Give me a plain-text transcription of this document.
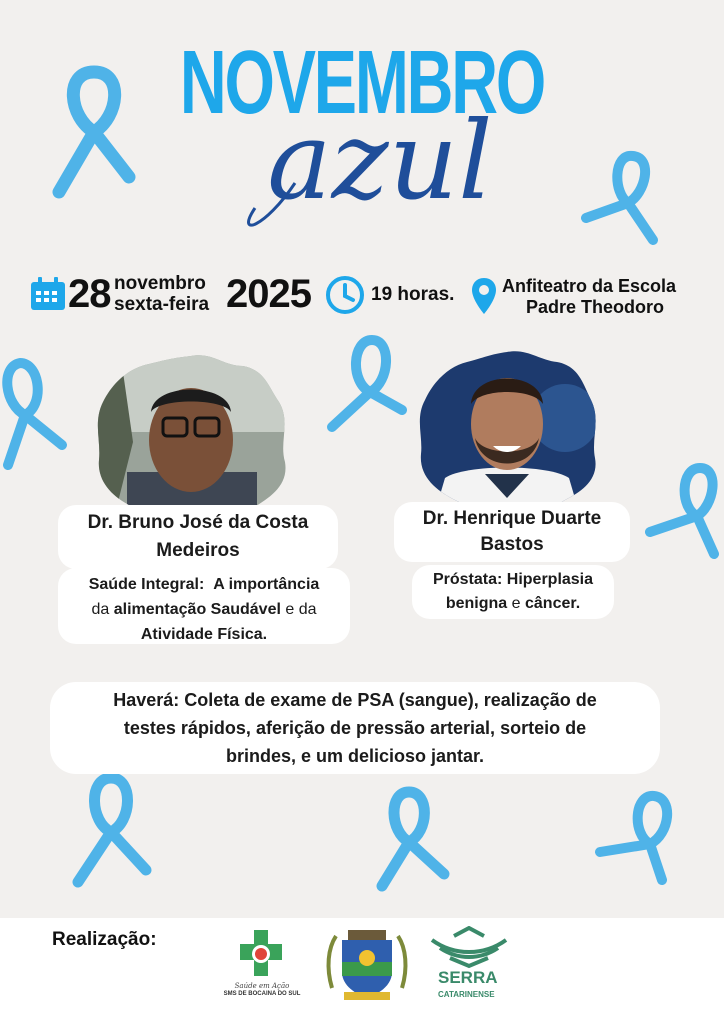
NOVEMBRO
azul
28 novembro
sexta-feira 2025	19 horas.	Anfiteatro da Escola
Padre Theodoro
Dr. Bruno José da Costa
Medeiros
Dr. Henrique Duarte
Bastos
Saúde Integral: A importância
da alimentação Saudável e da
Atividade Física.
Próstata: Hiperplasia
benigna e câncer.
Haverá: Coleta de exame de PSA (sangue), realização de
testes rápidos, aferição de pressão arterial, sorteio de
brindes, e um delicioso jantar.
Realização:
Saúde em Ação
SMS DE BOCAINA DO SUL
SERRA
CATARINENSE
